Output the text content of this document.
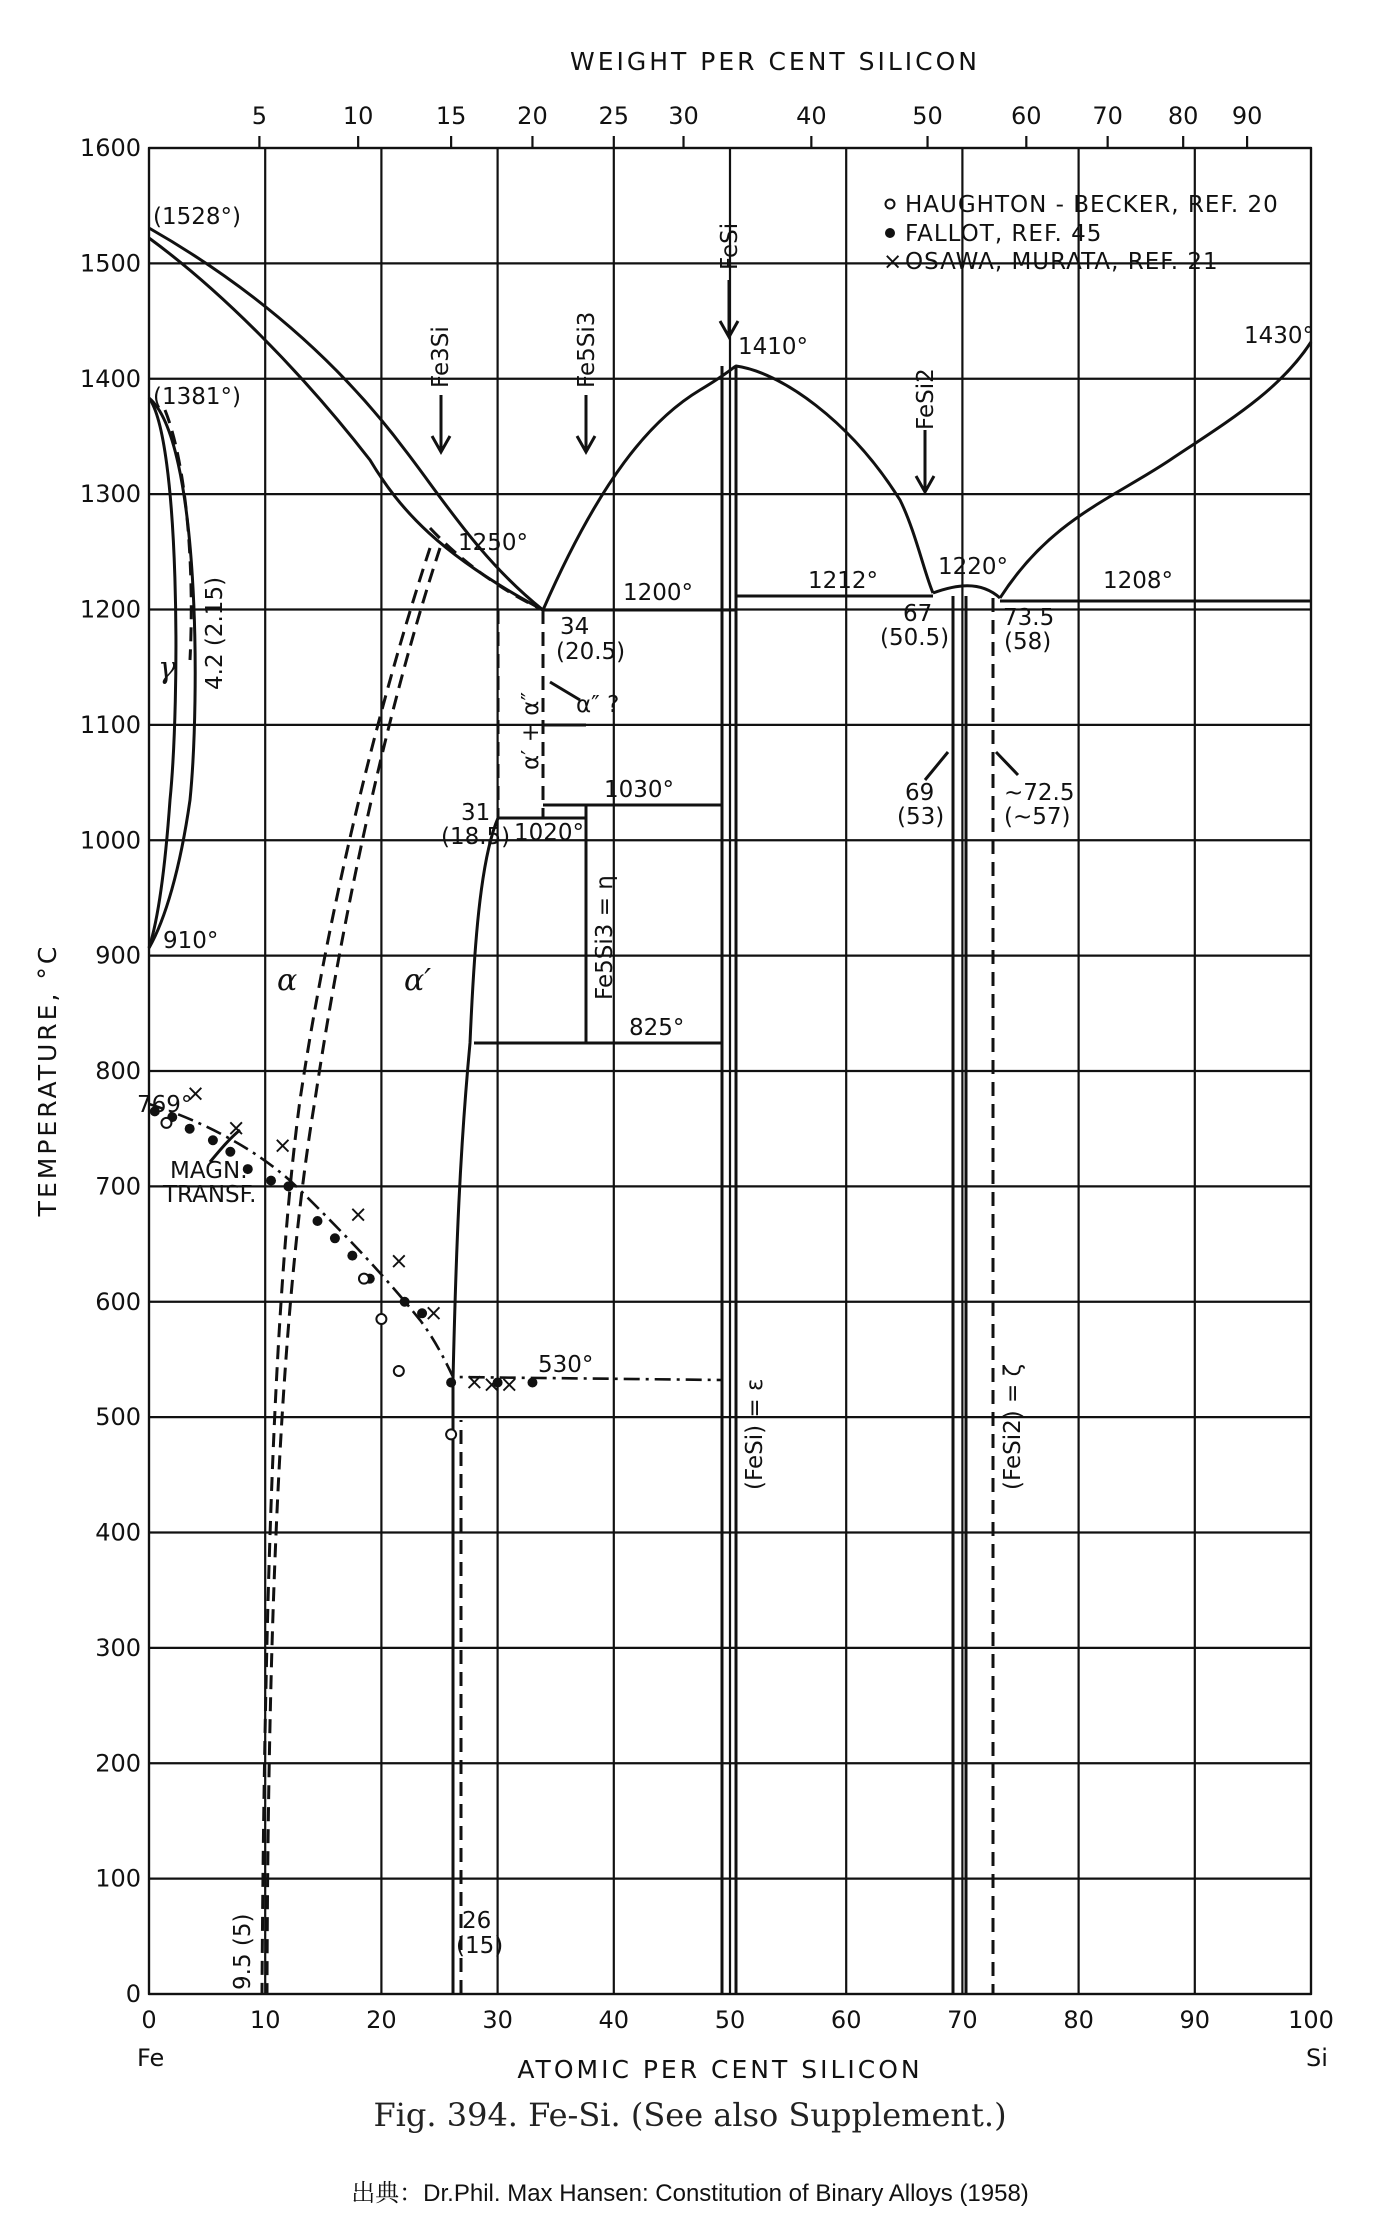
WEIGHT PER CENT SILICON
5	10	15 20 25 30	40	50	60 70 80 90
0
100
200
300
400
500
600
700
800
900
1000
1100
1200
1300
1400
1500
1600
0	10	20	30	40	50	60	70	80	90	100
TEMPERATURE, °C
ATOMIC PER CENT SILICON
Fe	Si
×
×
×
×
×
×
×
×
×
HAUGHTON - BECKER, REF. 20
FALLOT, REF. 45
× OSAWA, MURATA, REF. 21
(1528°)
(1381°)
910°
769°
1250°
1200°
1410°
1212°
1220°
1208°
1430°
1030°
1020°
825°
530°
34
(20.5)
31
(18.5)
67
(50.5)
73.5
(58)
69
(53)
~72.5
(~57)
26
(15)
9.5 (5)
4.2 (2.15)
γ
α	α′
α″ ?
α′ + α″
Fe3Si	Fe5Si3
FeSi
FeSi2
Fe5Si3 = η
(FeSi) = ε	(FeSi2) = ζ
MAGN.
TRANSF.
Fig. 394. Fe-Si. (See also Supplement.)
出典：Dr.Phil. Max Hansen: Constitution of Binary Alloys (1958)
